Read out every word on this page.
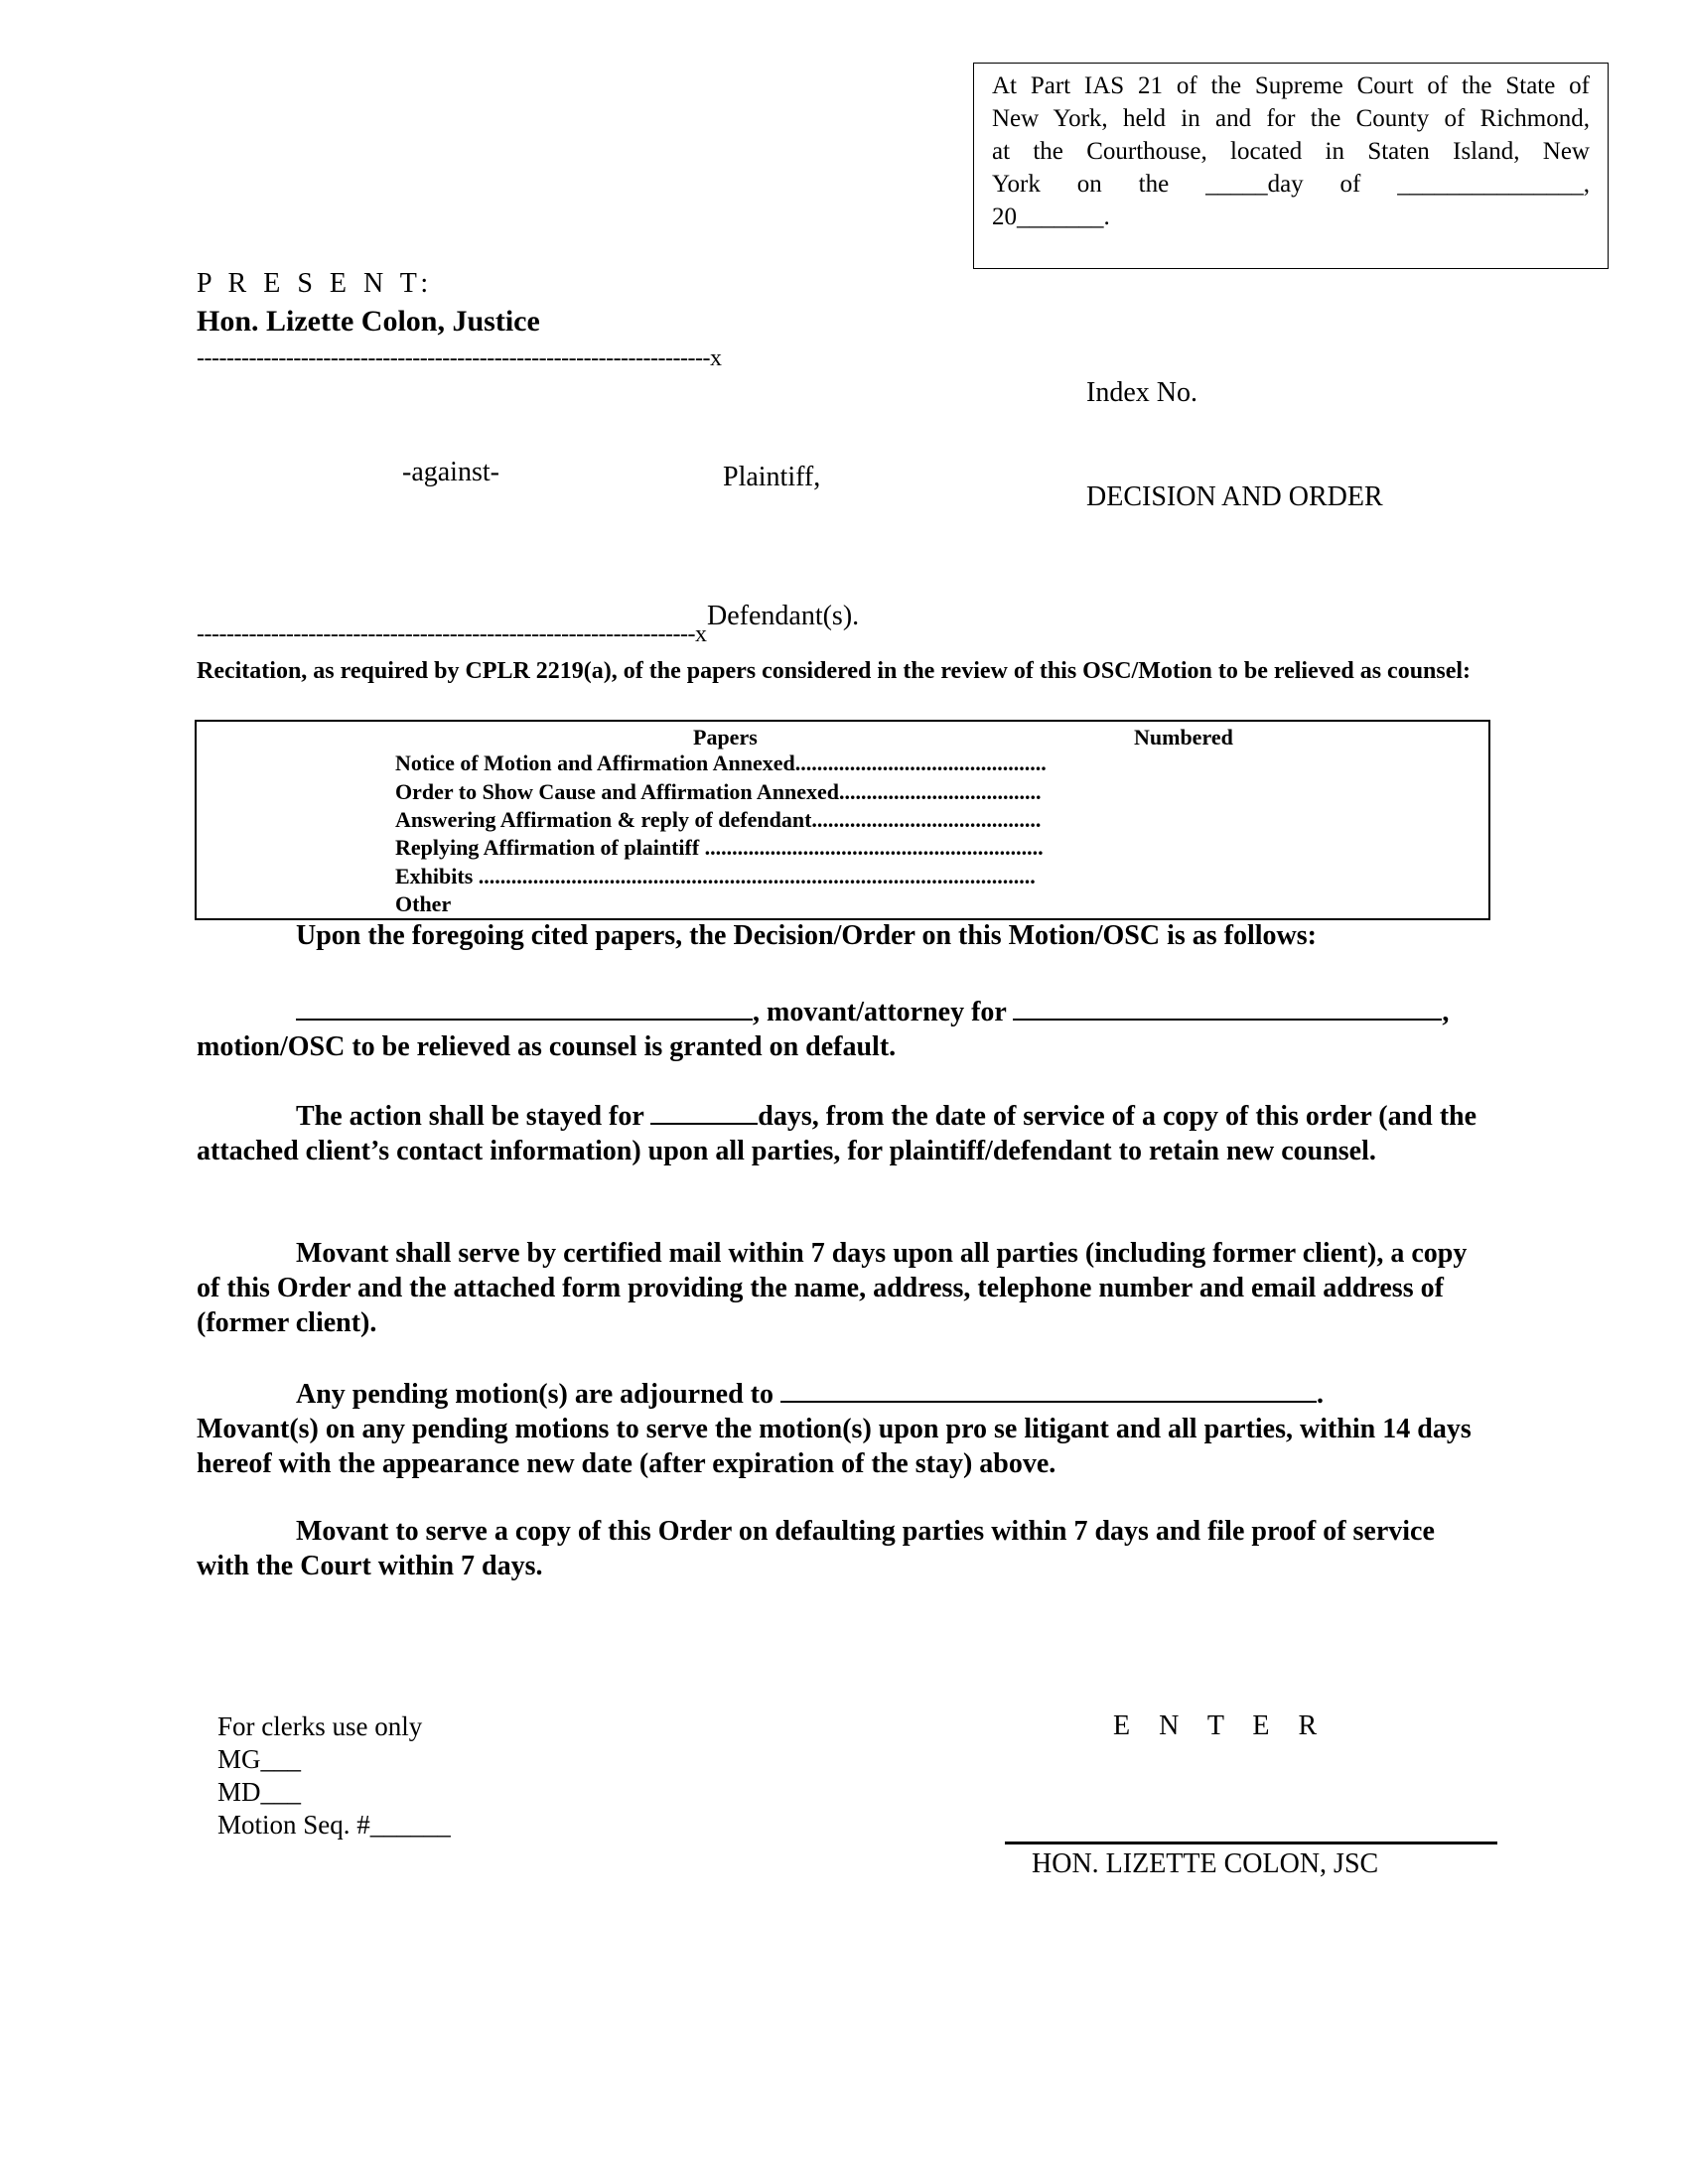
At Part IAS 21 of the Supreme Court of the State of
New York, held in and for the County of Richmond,
at the Courthouse, located in Staten Island, New
York on the _____day of _______________,
20_______.
P R E S E N T:
Hon. Lizette Colon, Justice
---------------------------------------------------------------------x
Index No.
-against-	Plaintiff,
DECISION AND ORDER
Defendant(s).
-------------------------------------------------------------------x
Recitation, as required by CPLR 2219(a), of the papers considered in the review of this OSC/Motion to be relieved as counsel:
Papers	Numbered
Notice of Motion and Affirmation Annexed..............................................
Order to Show Cause and Affirmation Annexed.....................................
Answering Affirmation & reply of defendant..........................................
Replying Affirmation of plaintiff ..............................................................
Exhibits ......................................................................................................
Other
Upon the foregoing cited papers, the Decision/Order on this Motion/OSC is as follows:
, movant/attorney for	,
motion/OSC to be relieved as counsel is granted on default.
The action shall be stayed for	days, from the date of service of a copy of this order (and the attached client’s contact information) upon all parties, for plaintiff/defendant to retain new counsel.
Movant shall serve by certified mail within 7 days upon all parties (including former client), a copy of this Order and the attached form providing the name, address, telephone number and email address of (former client).
Any pending motion(s) are adjourned to	.
Movant(s) on any pending motions to serve the motion(s) upon pro se litigant and all parties, within 14 days hereof with the appearance new date (after expiration of the stay) above.
Movant to serve a copy of this Order on defaulting parties within 7 days and file proof of service with the Court within 7 days.
For clerks use only
MG___
MD___
Motion Seq. #______
E N T E R
HON. LIZETTE COLON, JSC
